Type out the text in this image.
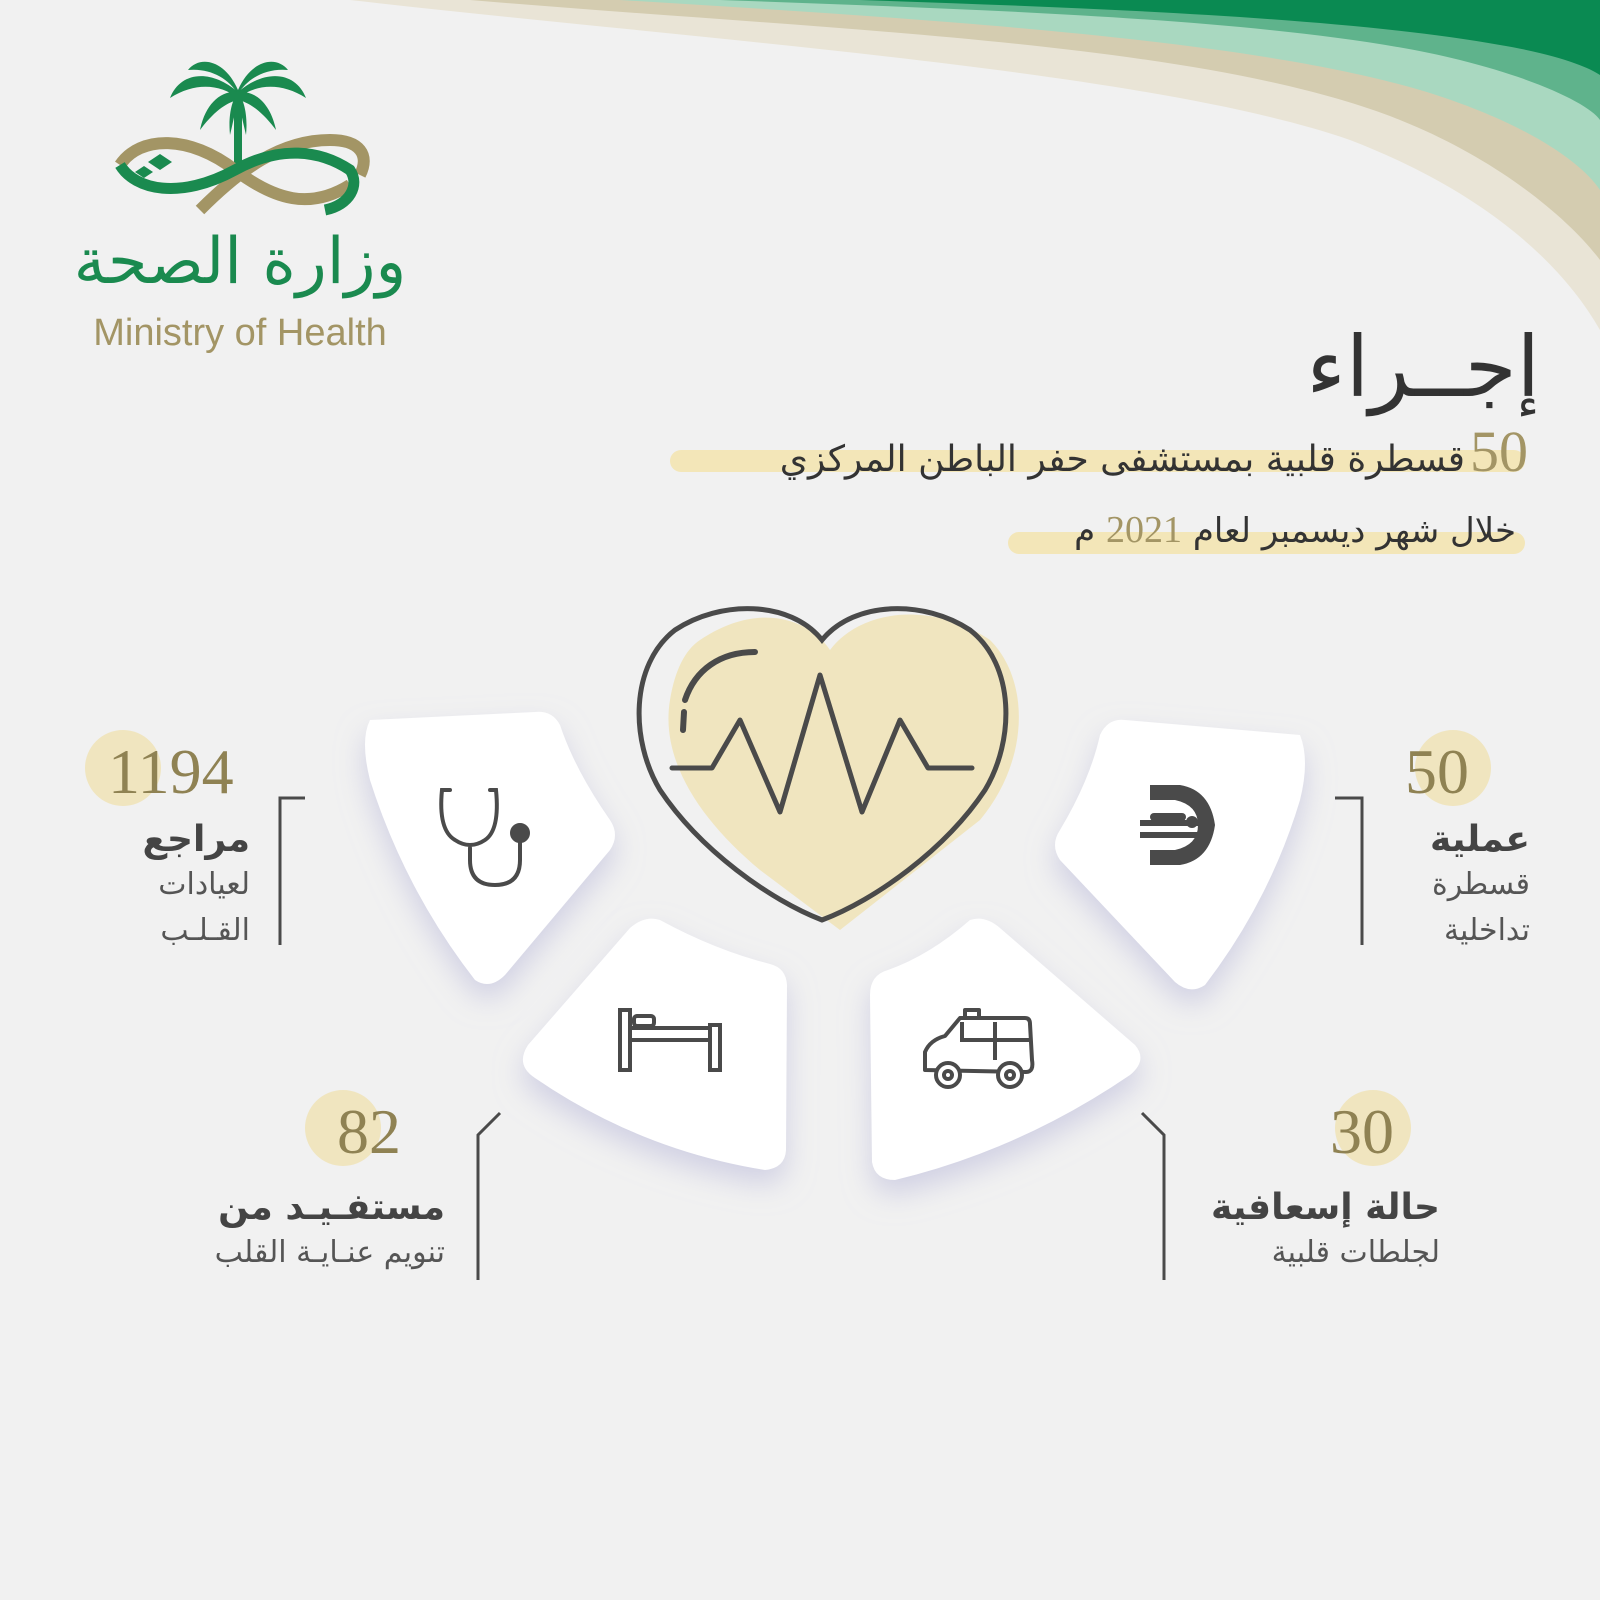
وزارة الصحة
Ministry of Health	إجــراء
50 قسطرة قلبية بمستشفى حفر الباطن المركزي
خلال شهر ديسمبر لعام 2021 م
1194
مراجع
لعيادات
القـلـب
50
عملية
قسطرة
تداخلية
82
مستفـيـد من
تنويم عنـايـة القلب
30
حالة إسعافية
لجلطات قلبية
